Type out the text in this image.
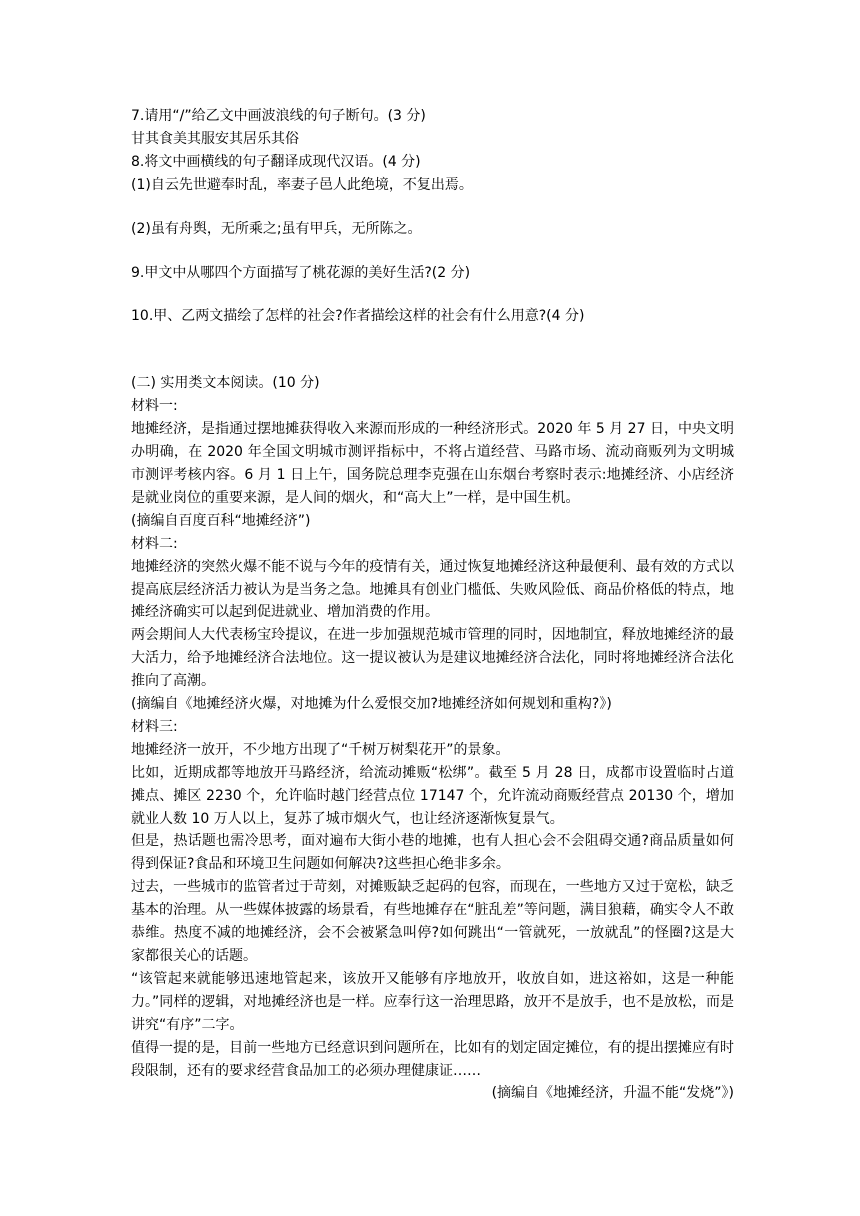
7.请用“/”给乙文中画波浪线的句子断句。(3 分)

甘其食美其服安其居乐其俗

8.将文中画横线的句子翻译成现代汉语。(4 分)

(1)自云先世避奉时乱，率妻子邑人此绝境，不复出焉。

(2)虽有舟舆，无所乘之;虽有甲兵，无所陈之。

9.甲文中从哪四个方面描写了桃花源的美好生活?(2 分)

10.甲、乙两文描绘了怎样的社会?作者描绘这样的社会有什么用意?(4 分)

(二) 实用类文本阅读。(10 分)

材料一:

地摊经济，是指通过摆地摊获得收入来源而形成的一种经济形式。2020 年 5 月 27 日，中央文明办明确，在 2020 年全国文明城市测评指标中，不将占道经营、马路市场、流动商贩列为文明城市测评考核内容。6 月 1 日上午，国务院总理李克强在山东烟台考察时表示:地摊经济、小店经济是就业岗位的重要来源，是人间的烟火，和“高大上”一样，是中国生机。

(摘编自百度百科“地摊经济”)

材料二:

地摊经济的突然火爆不能不说与今年的疫情有关，通过恢复地摊经济这种最便利、最有效的方式以提高底层经济活力被认为是当务之急。地摊具有创业门槛低、失败风险低、商品价格低的特点，地摊经济确实可以起到促进就业、增加消费的作用。

两会期间人大代表杨宝玲提议，在进一步加强规范城市管理的同时，因地制宜，释放地摊经济的最大活力，给予地摊经济合法地位。这一提议被认为是建议地摊经济合法化，同时将地摊经济合法化推向了高潮。

(摘编自《地摊经济火爆，对地摊为什么爱恨交加?地摊经济如何规划和重构?》)

材料三:

地摊经济一放开，不少地方出现了“千树万树梨花开”的景象。

比如，近期成都等地放开马路经济，给流动摊贩“松绑”。截至 5 月 28 日，成都市设置临时占道摊点、摊区 2230 个，允许临时越门经营点位 17147 个，允许流动商贩经营点 20130 个，增加就业人数 10 万人以上，复苏了城市烟火气，也让经济逐渐恢复景气。

但是，热话题也需冷思考，面对遍布大街小巷的地摊，也有人担心会不会阻碍交通?商品质量如何得到保证?食品和环境卫生问题如何解决?这些担心绝非多余。

过去，一些城市的监管者过于苛刻，对摊贩缺乏起码的包容，而现在，一些地方又过于宽松，缺乏基本的治理。从一些媒体披露的场景看，有些地摊存在“脏乱差”等问题，满目狼藉，确实令人不敢恭维。热度不减的地摊经济，会不会被紧急叫停?如何跳出“一管就死，一放就乱”的怪圈?这是大家都很关心的话题。

“该管起来就能够迅速地管起来，该放开又能够有序地放开，收放自如，进这裕如，这是一种能力。”同样的逻辑，对地摊经济也是一样。应奉行这一治理思路，放开不是放手，也不是放松，而是讲究“有序”二字。

值得一提的是，目前一些地方已经意识到问题所在，比如有的划定固定摊位，有的提出摆摊应有时段限制，还有的要求经营食品加工的必须办理健康证……

(摘编自《地摊经济，升温不能“发烧”》)
